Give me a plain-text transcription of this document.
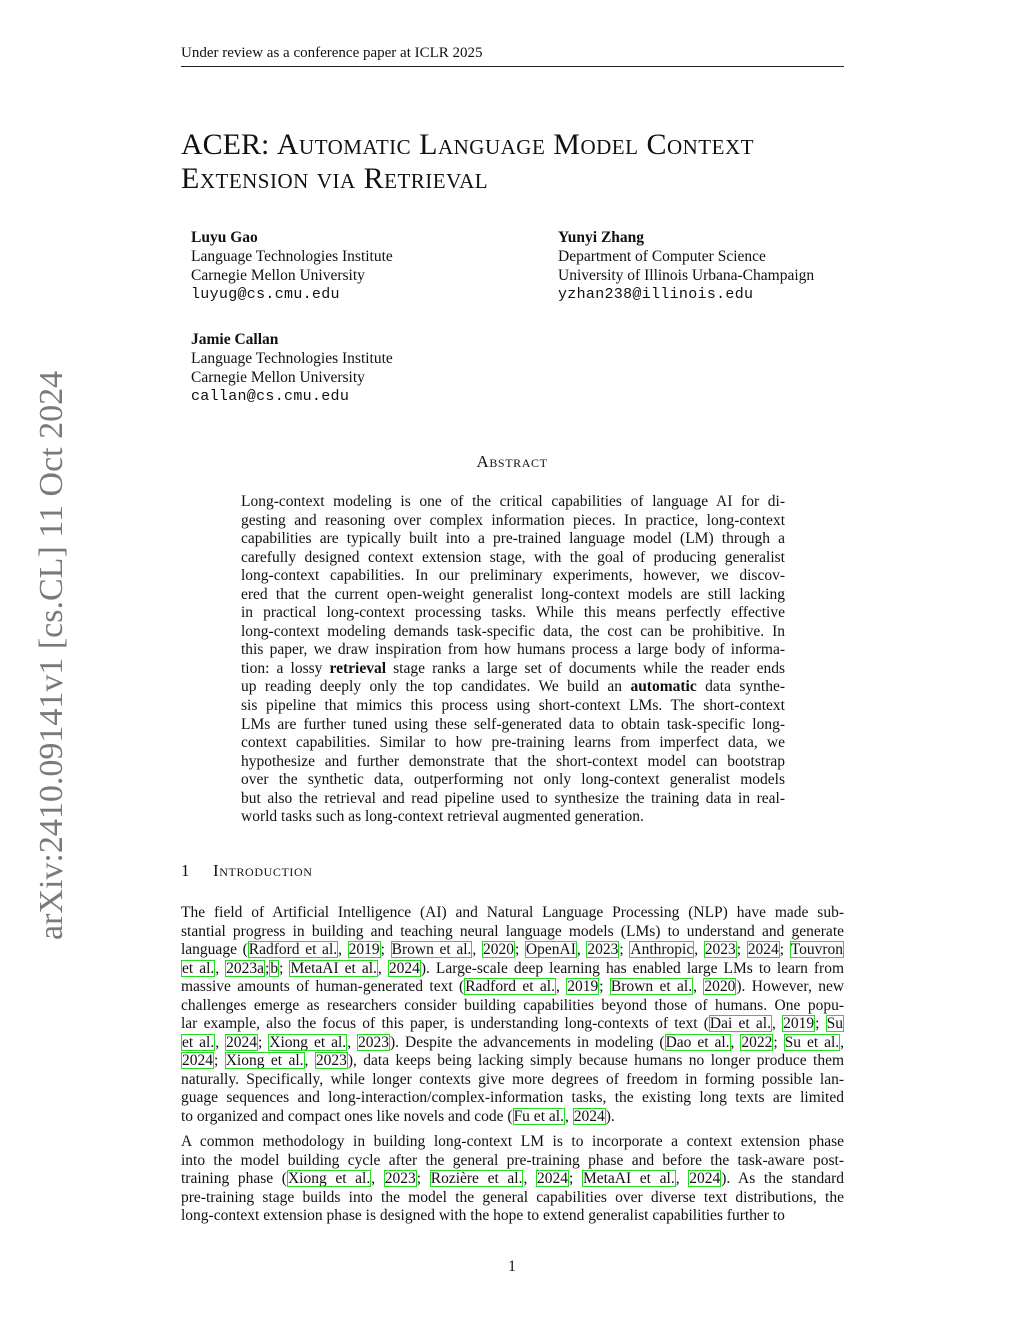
Under review as a conference paper at ICLR 2025
arXiv:2410.09141v1 [cs.CL] 11 Oct 2024
ACER: Automatic Language Model Context
Extension via Retrieval
Luyu Gao
Language Technologies Institute
Carnegie Mellon University
luyug@cs.cmu.edu
Yunyi Zhang
Department of Computer Science
University of Illinois Urbana-Champaign
yzhan238@illinois.edu
Jamie Callan
Language Technologies Institute
Carnegie Mellon University
callan@cs.cmu.edu
Abstract
Long-context modeling is one of the critical capabilities of language AI for di-
gesting and reasoning over complex information pieces. In practice, long-context
capabilities are typically built into a pre-trained language model (LM) through a
carefully designed context extension stage, with the goal of producing generalist
long-context capabilities. In our preliminary experiments, however, we discov-
ered that the current open-weight generalist long-context models are still lacking
in practical long-context processing tasks. While this means perfectly effective
long-context modeling demands task-specific data, the cost can be prohibitive. In
this paper, we draw inspiration from how humans process a large body of informa-
tion: a lossy retrieval stage ranks a large set of documents while the reader ends
up reading deeply only the top candidates. We build an automatic data synthe-
sis pipeline that mimics this process using short-context LMs. The short-context
LMs are further tuned using these self-generated data to obtain task-specific long-
context capabilities. Similar to how pre-training learns from imperfect data, we
hypothesize and further demonstrate that the short-context model can bootstrap
over the synthetic data, outperforming not only long-context generalist models
but also the retrieval and read pipeline used to synthesize the training data in real-
world tasks such as long-context retrieval augmented generation.
1 Introduction
The field of Artificial Intelligence (AI) and Natural Language Processing (NLP) have made sub-
stantial progress in building and teaching neural language models (LMs) to understand and generate
language (Radford et al., 2019; Brown et al., 2020; OpenAI, 2023; Anthropic, 2023; 2024; Touvron
et al., 2023a;b; MetaAI et al., 2024). Large-scale deep learning has enabled large LMs to learn from
massive amounts of human-generated text (Radford et al., 2019; Brown et al., 2020). However, new
challenges emerge as researchers consider building capabilities beyond those of humans. One popu-
lar example, also the focus of this paper, is understanding long-contexts of text (Dai et al., 2019; Su
et al., 2024; Xiong et al., 2023). Despite the advancements in modeling (Dao et al., 2022; Su et al.,
2024; Xiong et al., 2023), data keeps being lacking simply because humans no longer produce them
naturally. Specifically, while longer contexts give more degrees of freedom in forming possible lan-
guage sequences and long-interaction/complex-information tasks, the existing long texts are limited
to organized and compact ones like novels and code (Fu et al., 2024).
A common methodology in building long-context LM is to incorporate a context extension phase
into the model building cycle after the general pre-training phase and before the task-aware post-
training phase (Xiong et al., 2023; Rozière et al., 2024; MetaAI et al., 2024). As the standard
pre-training stage builds into the model the general capabilities over diverse text distributions, the
long-context extension phase is designed with the hope to extend generalist capabilities further to
1
